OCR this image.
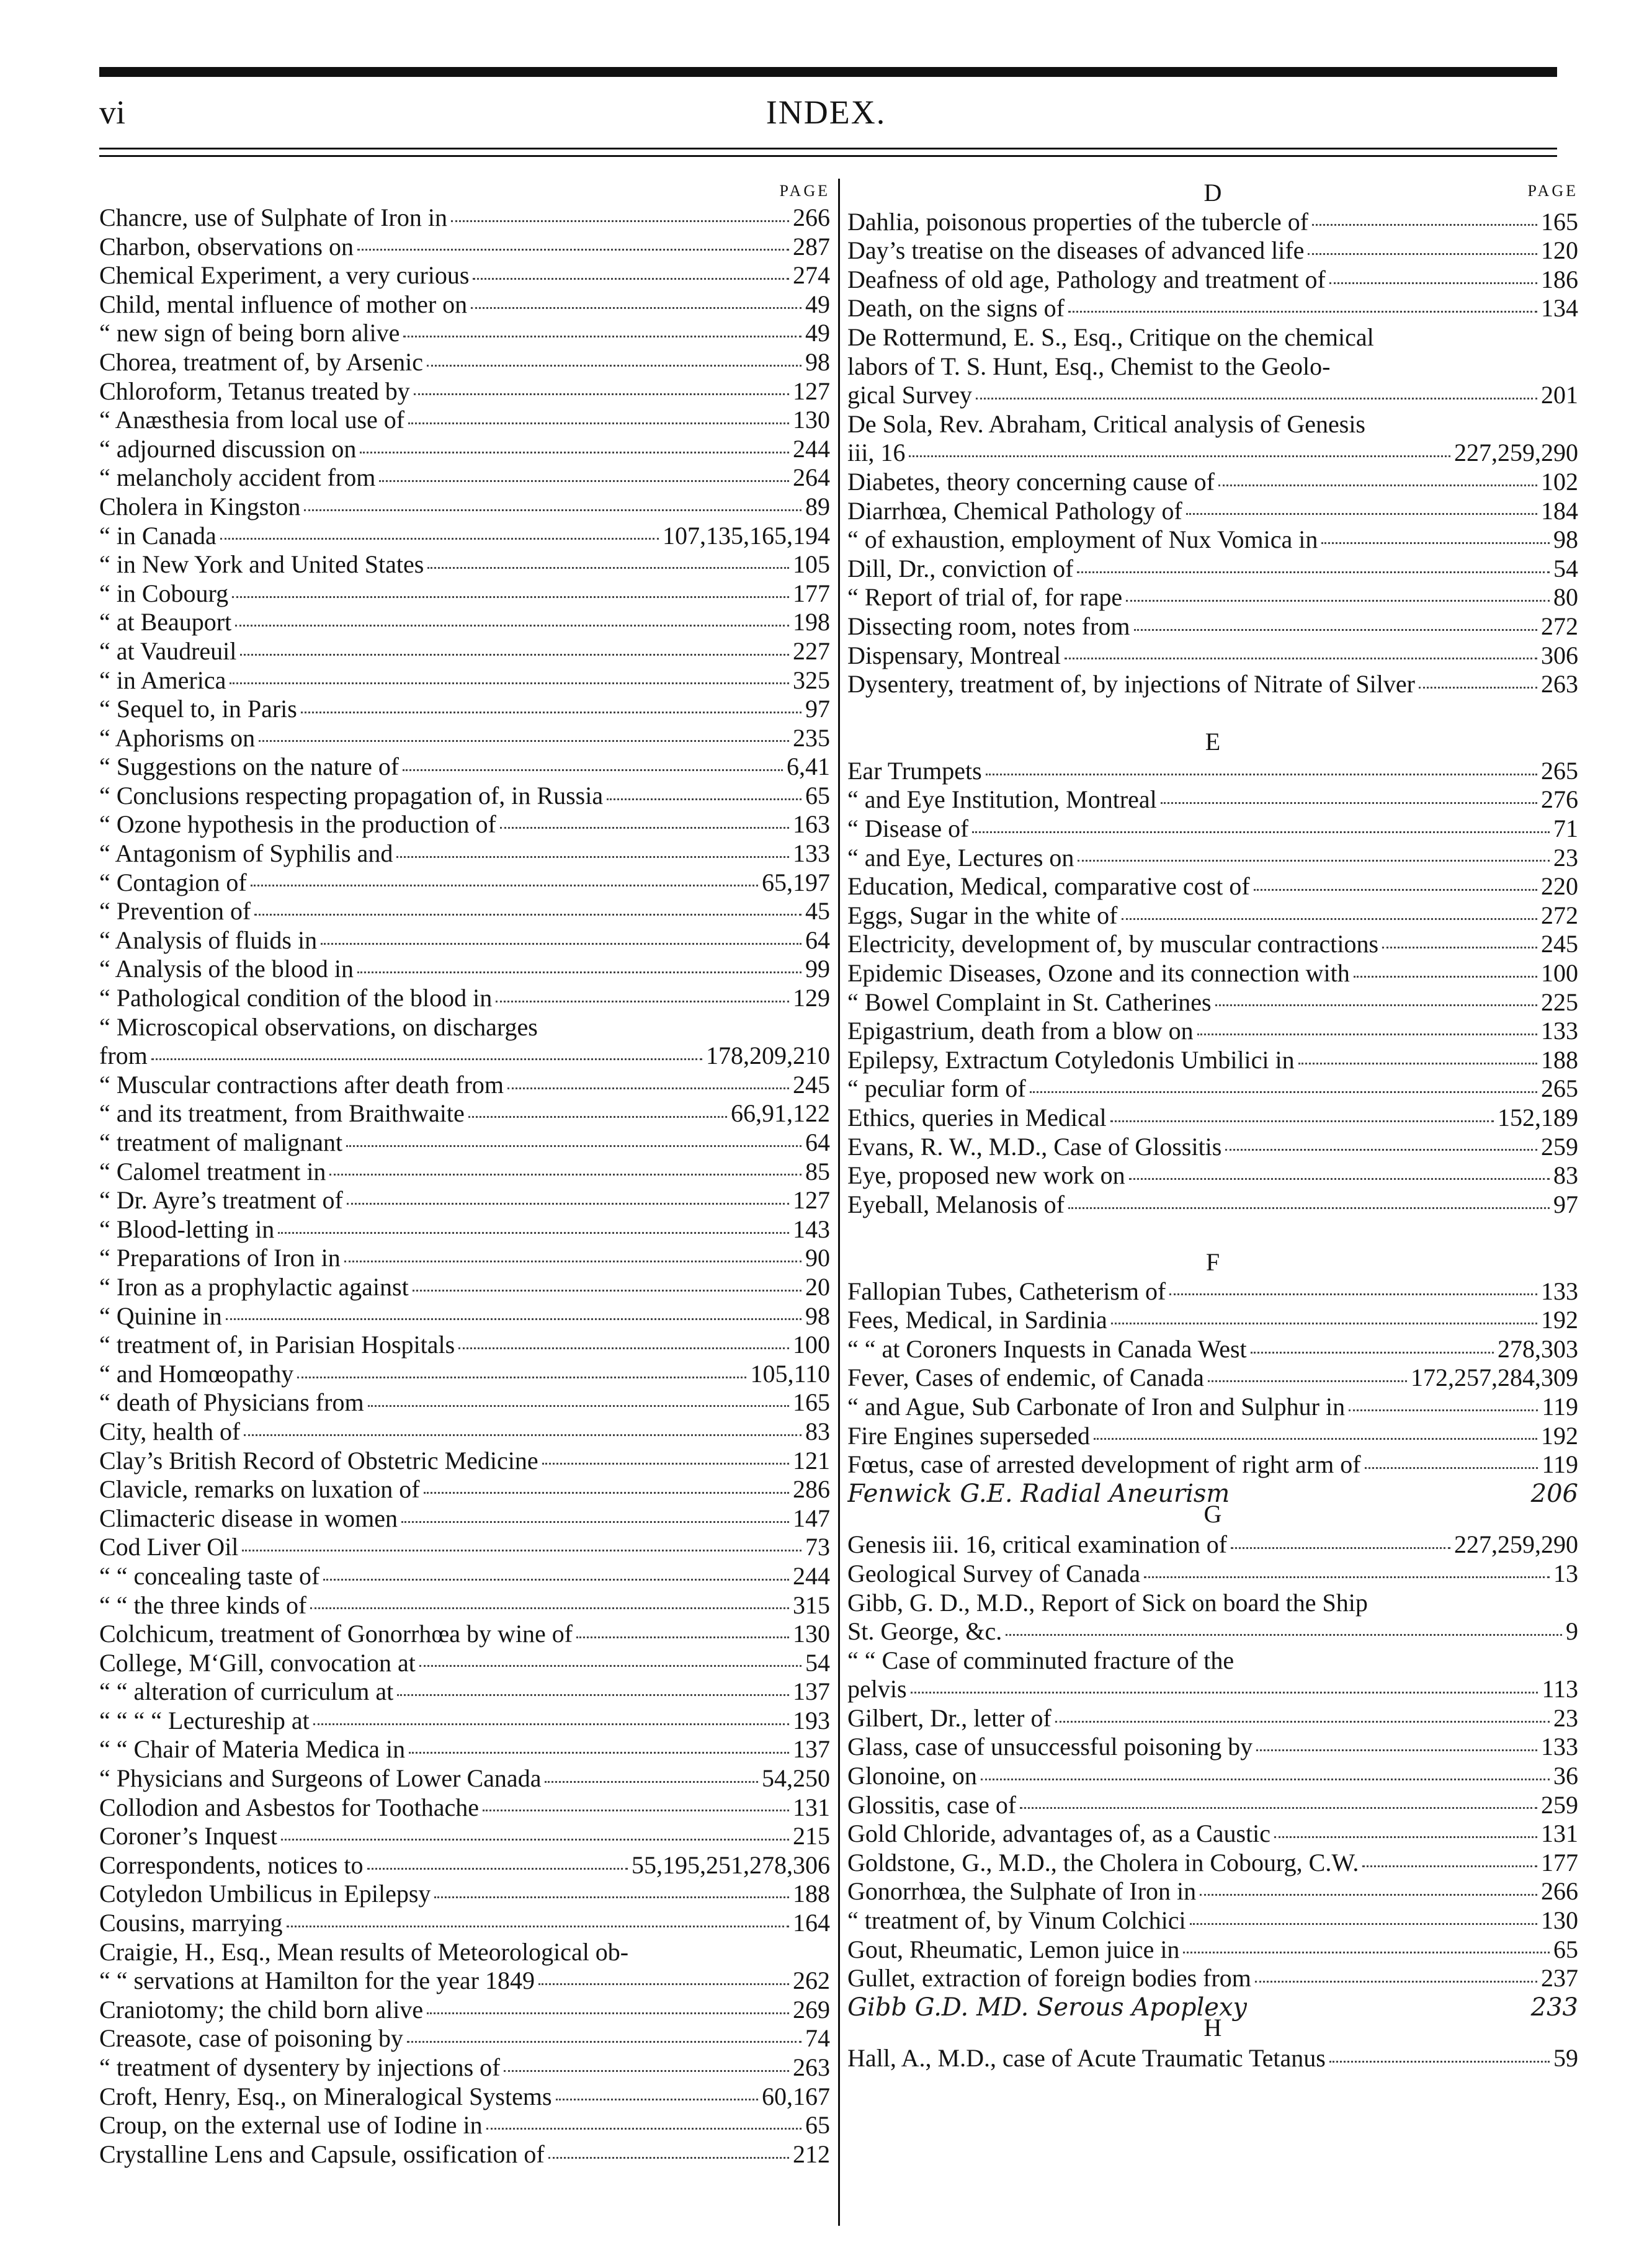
vi	INDEX.
PAGE
Chancre, use of Sulphate of Iron in	266
Charbon, observations on	287
Chemical Experiment, a very curious	274
Child, mental influence of mother on	49
“ new sign of being born alive	49
Chorea, treatment of, by Arsenic	98
Chloroform, Tetanus treated by	127
“ Anæsthesia from local use of	130
“ adjourned discussion on	244
“ melancholy accident from	264
Cholera in Kingston	89
“ in Canada	107,135,165,194
“ in New York and United States	105
“ in Cobourg	177
“ at Beauport	198
“ at Vaudreuil	227
“ in America	325
“ Sequel to, in Paris	97
“ Aphorisms on	235
“ Suggestions on the nature of	6,41
“ Conclusions respecting propagation of, in Russia	65
“ Ozone hypothesis in the production of	163
“ Antagonism of Syphilis and	133
“ Contagion of	65,197
“ Prevention of	45
“ Analysis of fluids in	64
“ Analysis of the blood in	99
“ Pathological condition of the blood in	129
“ Microscopical observations, on discharges
from	178,209,210
“ Muscular contractions after death from	245
“ and its treatment, from Braithwaite	66,91,122
“ treatment of malignant	64
“ Calomel treatment in	85
“ Dr. Ayre’s treatment of	127
“ Blood-letting in	143
“ Preparations of Iron in	90
“ Iron as a prophylactic against	20
“ Quinine in	98
“ treatment of, in Parisian Hospitals	100
“ and Homœopathy	105,110
“ death of Physicians from	165
City, health of	83
Clay’s British Record of Obstetric Medicine	121
Clavicle, remarks on luxation of	286
Climacteric disease in women	147
Cod Liver Oil	73
“ “ concealing taste of	244
“ “ the three kinds of	315
Colchicum, treatment of Gonorrhœa by wine of	130
College, M‘Gill, convocation at	54
“ “ alteration of curriculum at	137
“ “ “ “ Lectureship at	193
“ “ Chair of Materia Medica in	137
“ Physicians and Surgeons of Lower Canada	54,250
Collodion and Asbestos for Toothache	131
Coroner’s Inquest	215
Correspondents, notices to	55,195,251,278,306
Cotyledon Umbilicus in Epilepsy	188
Cousins, marrying	164
Craigie, H., Esq., Mean results of Meteorological ob-
“ “ servations at Hamilton for the year 1849	262
Craniotomy; the child born alive	269
Creasote, case of poisoning by	74
“ treatment of dysentery by injections of	263
Croft, Henry, Esq., on Mineralogical Systems	60,167
Croup, on the external use of Iodine in	65
Crystalline Lens and Capsule, ossification of	212
PAGE
D
Dahlia, poisonous properties of the tubercle of	165
Day’s treatise on the diseases of advanced life	120
Deafness of old age, Pathology and treatment of	186
Death, on the signs of	134
De Rottermund, E. S., Esq., Critique on the chemical
labors of T. S. Hunt, Esq., Chemist to the Geolo-
gical Survey	201
De Sola, Rev. Abraham, Critical analysis of Genesis
iii, 16	227,259,290
Diabetes, theory concerning cause of	102
Diarrhœa, Chemical Pathology of	184
“ of exhaustion, employment of Nux Vomica in	98
Dill, Dr., conviction of	54
“ Report of trial of, for rape	80
Dissecting room, notes from	272
Dispensary, Montreal	306
Dysentery, treatment of, by injections of Nitrate of Silver	263
E
Ear Trumpets	265
“ and Eye Institution, Montreal	276
“ Disease of	71
“ and Eye, Lectures on	23
Education, Medical, comparative cost of	220
Eggs, Sugar in the white of	272
Electricity, development of, by muscular contractions	245
Epidemic Diseases, Ozone and its connection with	100
“ Bowel Complaint in St. Catherines	225
Epigastrium, death from a blow on	133
Epilepsy, Extractum Cotyledonis Umbilici in	188
“ peculiar form of	265
Ethics, queries in Medical	152,189
Evans, R. W., M.D., Case of Glossitis	259
Eye, proposed new work on	83
Eyeball, Melanosis of	97
F
Fallopian Tubes, Catheterism of	133
Fees, Medical, in Sardinia	192
“ “ at Coroners Inquests in Canada West	278,303
Fever, Cases of endemic, of Canada	172,257,284,309
“ and Ague, Sub Carbonate of Iron and Sulphur in	119
Fire Engines superseded	192
Fœtus, case of arrested development of right arm of	119
Fenwick G.E. Radial Aneurism	206
G
Genesis iii. 16, critical examination of	227,259,290
Geological Survey of Canada	13
Gibb, G. D., M.D., Report of Sick on board the Ship
St. George, &c.	9
“ “ Case of comminuted fracture of the
pelvis	113
Gilbert, Dr., letter of	23
Glass, case of unsuccessful poisoning by	133
Glonoine, on	36
Glossitis, case of	259
Gold Chloride, advantages of, as a Caustic	131
Goldstone, G., M.D., the Cholera in Cobourg, C.W.	177
Gonorrhœa, the Sulphate of Iron in	266
“ treatment of, by Vinum Colchici	130
Gout, Rheumatic, Lemon juice in	65
Gullet, extraction of foreign bodies from	237
Gibb G.D. MD. Serous Apoplexy	233
H
Hall, A., M.D., case of Acute Traumatic Tetanus	59
